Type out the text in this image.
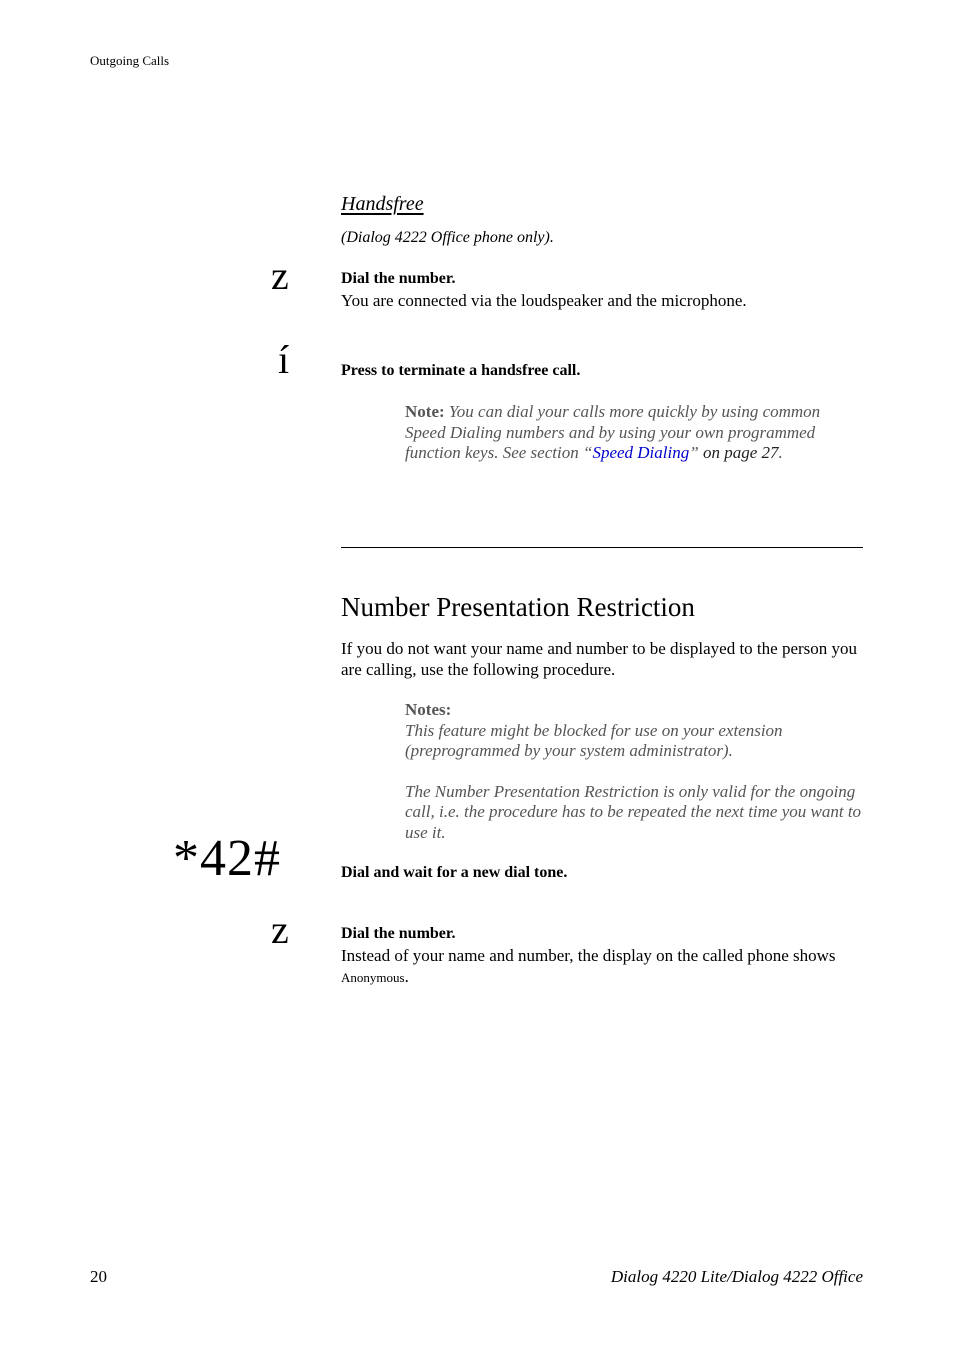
Outgoing Calls
Handsfree
(Dialog 4222 Office phone only).
z	Dial the number.
You are connected via the loudspeaker and the microphone.
í	Press to terminate a handsfree call.
Note: You can dial your calls more quickly by using common Speed Dialing numbers and by using your own programmed function keys. See section “Speed Dialing” on page 27.
Number Presentation Restriction
If you do not want your name and number to be displayed to the person you are calling, use the following procedure.
Notes:
This feature might be blocked for use on your extension (preprogrammed by your system administrator).
The Number Presentation Restriction is only valid for the ongoing call, i.e. the procedure has to be repeated the next time you want to use it.
*42#	Dial and wait for a new dial tone.
z	Dial the number.
Instead of your name and number, the display on the called phone shows Anonymous.
20	Dialog 4220 Lite/Dialog 4222 Office
